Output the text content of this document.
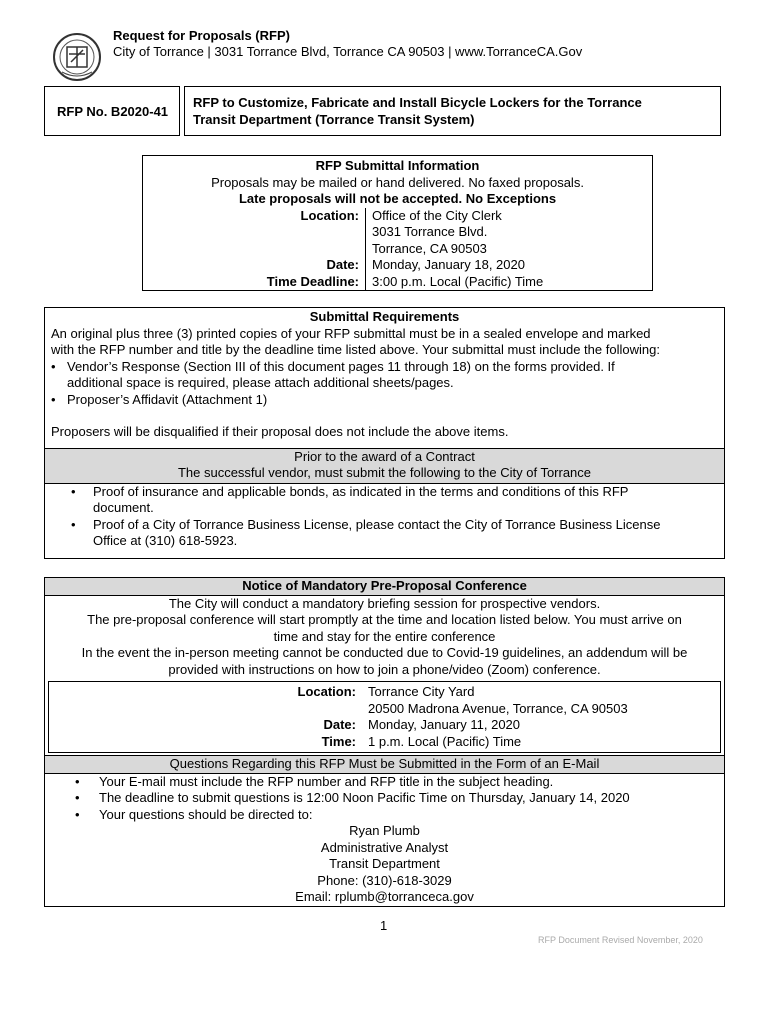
Request for Proposals (RFP)
City of Torrance | 3031 Torrance Blvd, Torrance CA 90503 | www.TorranceCA.Gov
RFP No. B2020-41
RFP to Customize, Fabricate and Install Bicycle Lockers for the Torrance
Transit Department (Torrance Transit System)
RFP Submittal Information
Proposals may be mailed or hand delivered. No faxed proposals.
Late proposals will not be accepted. No Exceptions
Location:	Office of the City Clerk
3031 Torrance Blvd.
Torrance, CA 90503
Date:	Monday, January 18, 2020
Time Deadline:	3:00 p.m. Local (Pacific) Time
Submittal Requirements
An original plus three (3) printed copies of your RFP submittal must be in a sealed envelope and marked
with the RFP number and title by the deadline time listed above. Your submittal must include the following:
• Vendor’s Response (Section III of this document pages 11 through 18) on the forms provided. If
additional space is required, please attach additional sheets/pages.
• Proposer’s Affidavit (Attachment 1)
Proposers will be disqualified if their proposal does not include the above items.
Prior to the award of a Contract
The successful vendor, must submit the following to the City of Torrance
• Proof of insurance and applicable bonds, as indicated in the terms and conditions of this RFP
document.
• Proof of a City of Torrance Business License, please contact the City of Torrance Business License
Office at (310) 618-5923.
Notice of Mandatory Pre-Proposal Conference
The City will conduct a mandatory briefing session for prospective vendors.
The pre-proposal conference will start promptly at the time and location listed below. You must arrive on
time and stay for the entire conference
In the event the in-person meeting cannot be conducted due to Covid-19 guidelines, an addendum will be
provided with instructions on how to join a phone/video (Zoom) conference.
Location: Torrance City Yard
20500 Madrona Avenue, Torrance, CA 90503
Date: Monday, January 11, 2020
Time: 1 p.m. Local (Pacific) Time
Questions Regarding this RFP Must be Submitted in the Form of an E-Mail
• Your E-mail must include the RFP number and RFP title in the subject heading.
• The deadline to submit questions is 12:00 Noon Pacific Time on Thursday, January 14, 2020
• Your questions should be directed to:
Ryan Plumb
Administrative Analyst
Transit Department
Phone: (310)-618-3029
Email: rplumb@torranceca.gov
1
RFP Document Revised November, 2020
